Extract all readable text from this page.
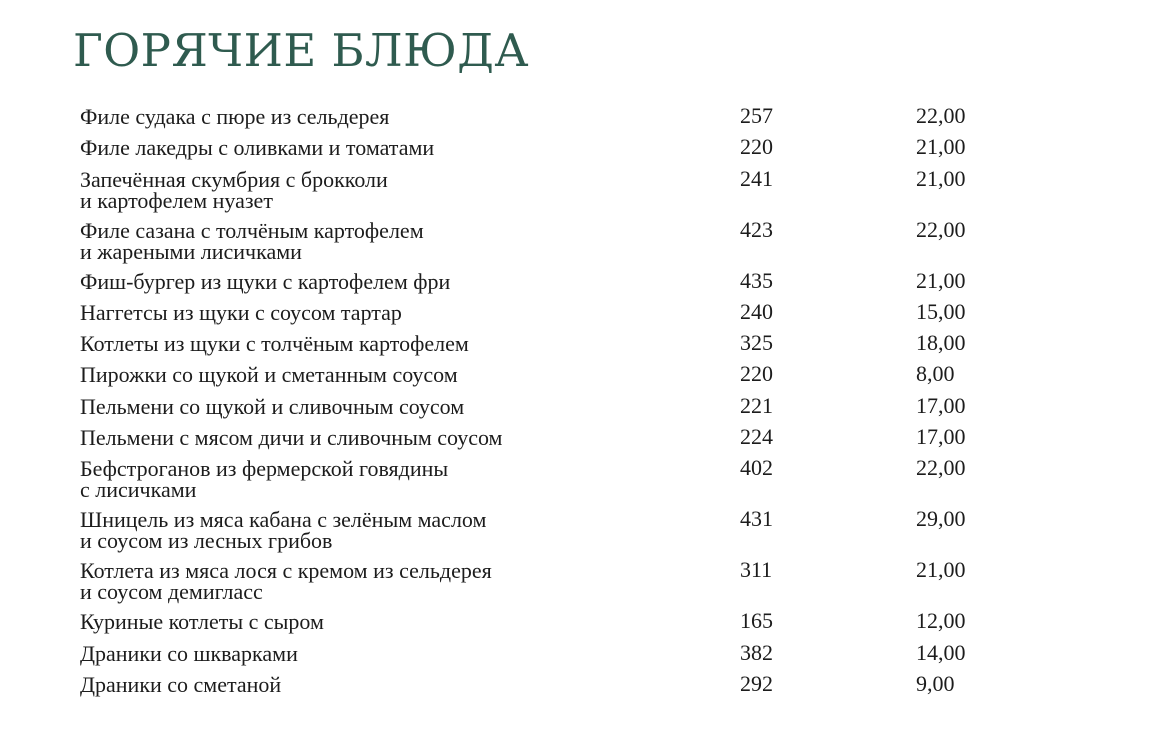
ГОРЯЧИЕ БЛЮДА
Филе судака с пюре из сельдерея	257	22,00
Филе лакедры с оливками и томатами	220	21,00
Запечённая скумбрия с брокколи
и картофелем нуазет
241	21,00
Филе сазана с толчёным картофелем
и жареными лисичками
423	22,00
Фиш-бургер из щуки с картофелем фри	435	21,00
Наггетсы из щуки с соусом тартар	240	15,00
Котлеты из щуки с толчёным картофелем	325	18,00
Пирожки со щукой и сметанным соусом	220	8,00
Пельмени со щукой и сливочным соусом	221	17,00
Пельмени с мясом дичи и сливочным соусом	224	17,00
Бефстроганов из фермерской говядины
с лисичками
402	22,00
Шницель из мяса кабана с зелёным маслом
и соусом из лесных грибов
431	29,00
Котлета из мяса лося с кремом из сельдерея
и соусом демигласс
311	21,00
Куриные котлеты с сыром	165	12,00
Драники со шкварками	382	14,00
Драники со сметаной	292	9,00
